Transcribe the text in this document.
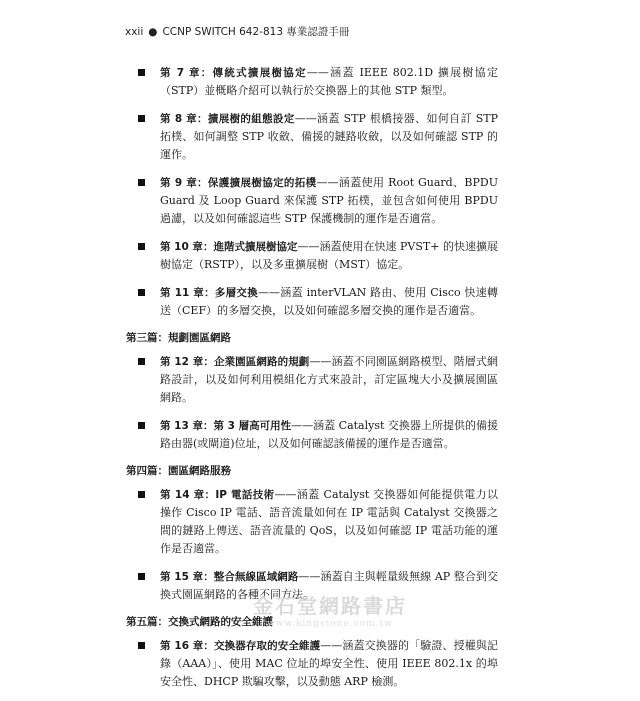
xxii ● CCNP SWITCH 642-813 專業認證手冊
第 7 章：傳統式擴展樹協定——涵蓋 IEEE 802.1D 擴展樹協定（STP）並概略介紹可以執行於交換器上的其他 STP 類型。
第 8 章：擴展樹的組態設定——涵蓋 STP 根橋接器、如何自訂 STP 拓樸、如何調整 STP 收斂、備援的鏈路收斂，以及如何確認 STP 的運作。
第 9 章：保護擴展樹協定的拓樸——涵蓋使用 Root Guard、BPDU Guard 及 Loop Guard 來保護 STP 拓樸，並包含如何使用 BPDU 過濾，以及如何確認這些 STP 保護機制的運作是否適當。
第 10 章：進階式擴展樹協定——涵蓋使用在快速 PVST+ 的快速擴展樹協定（RSTP），以及多重擴展樹（MST）協定。
第 11 章：多層交換——涵蓋 interVLAN 路由、使用 Cisco 快速轉送（CEF）的多層交換，以及如何確認多層交換的運作是否適當。
第三篇：規劃園區網路
第 12 章：企業園區網路的規劃——涵蓋不同園區網路模型、階層式網路設計，以及如何利用模組化方式來設計，訂定區塊大小及擴展園區網路。
第 13 章：第 3 層高可用性——涵蓋 Catalyst 交換器上所提供的備援路由器(或閘道)位址，以及如何確認該備援的運作是否適當。
第四篇：園區網路服務
第 14 章：IP 電話技術——涵蓋 Catalyst 交換器如何能提供電力以操作 Cisco IP 電話、語音流量如何在 IP 電話與 Catalyst 交換器之間的鏈路上傳送、語音流量的 QoS，以及如何確認 IP 電話功能的運作是否適當。
第 15 章：整合無線區域網路——涵蓋自主與輕量級無線 AP 整合到交換式園區網路的各種不同方法。
第五篇：交換式網路的安全維護
第 16 章：交換器存取的安全維護——涵蓋交換器的「驗證、授權與記錄（AAA）」、使用 MAC 位址的埠安全性、使用 IEEE 802.1x 的埠安全性、DHCP 欺騙攻擊，以及動態 ARP 檢測。
金石堂網路書店
www.kingstone.com.tw
